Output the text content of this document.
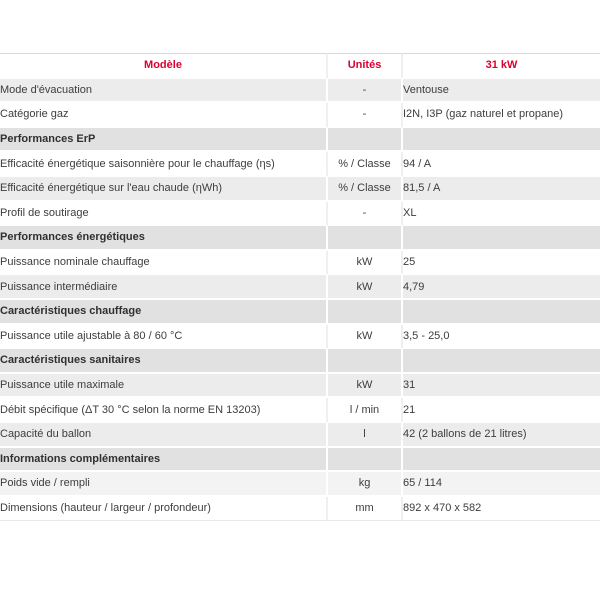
Modèle	Unités	31 kW
Mode d'évacuation	-	Ventouse
Catégorie gaz	-	I2N, I3P (gaz naturel et propane)
Performances ErP		
Efficacité énergétique saisonnière pour le chauffage (ηs)	% / Classe	94 / A
Efficacité énergétique sur l'eau chaude (ηWh)	% / Classe	81,5 / A
Profil de soutirage	-	XL
Performances énergétiques		
Puissance nominale chauffage	kW	25
Puissance intermédiaire	kW	4,79
Caractéristiques chauffage		
Puissance utile ajustable à 80 / 60 °C	kW	3,5 - 25,0
Caractéristiques sanitaires		
Puissance utile maximale	kW	31
Débit spécifique (ΔT 30 °C selon la norme EN 13203)	l / min	21
Capacité du ballon	l	42 (2 ballons de 21 litres)
Informations complémentaires		
Poids vide / rempli	kg	65 / 114
Dimensions (hauteur / largeur / profondeur)	mm	892 x 470 x 582
